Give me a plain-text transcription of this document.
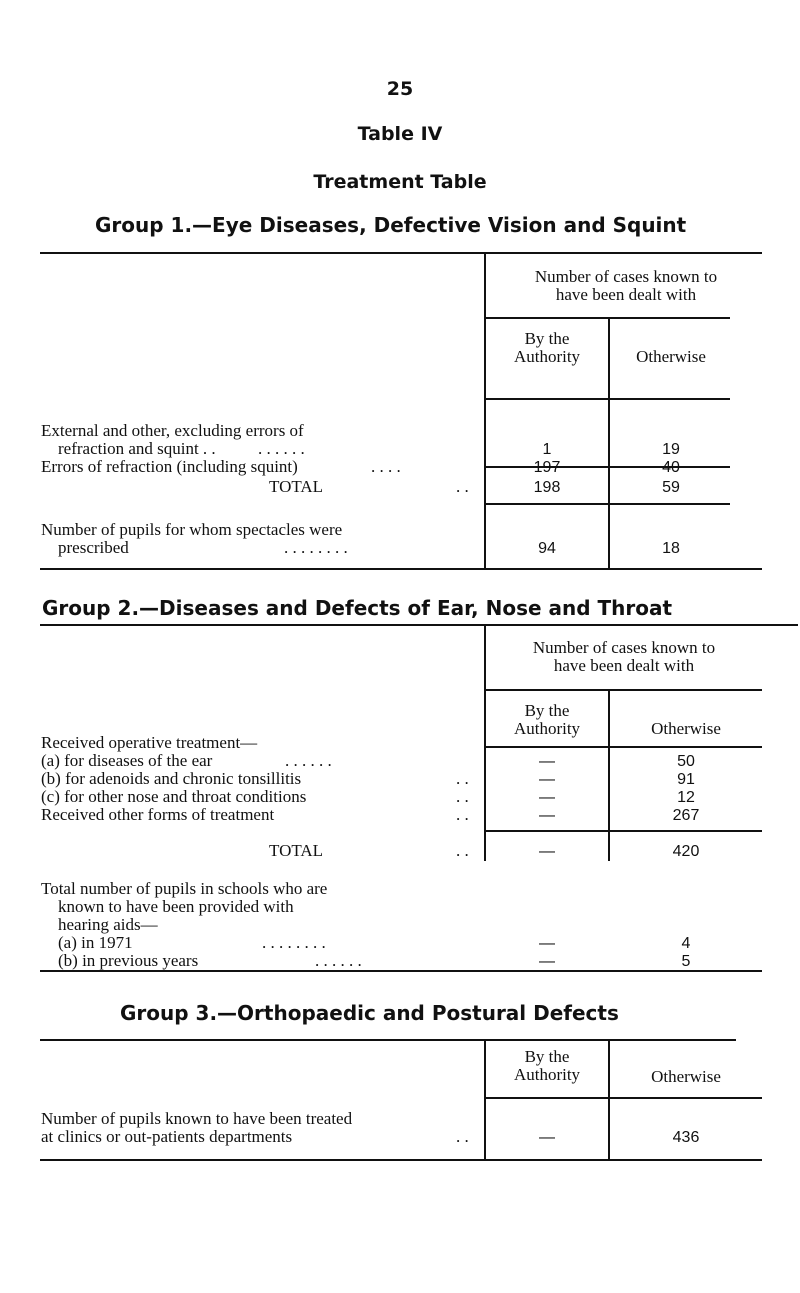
25
Table IV
Treatment Table
Group 1.—Eye Diseases, Defective Vision and Squint
Number of cases known to
have been dealt with
By the
Authority	Otherwise
External and other, excluding errors of
refraction and squint . . . . . . . .	1	19
Errors of refraction (including squint)	. . . .	197	40
TOTAL	. .	198	59
Number of pupils for whom spectacles were
prescribed	. . . . . . . .	94	18
Group 2.—Diseases and Defects of Ear, Nose and Throat
Number of cases known to
have been dealt with
By the
Authority	Otherwise
Received operative treatment—
(a) for diseases of the ear	. . . . . .	—	50
(b) for adenoids and chronic tonsillitis	. .	—	91
(c) for other nose and throat conditions	. .	—	12
Received other forms of treatment	. .	—	267
TOTAL	. .	—	420
Total number of pupils in schools who are
known to have been provided with
hearing aids—
(a) in 1971	. . . . . . . .	—	4
(b) in previous years	. . . . . .	—	5
Group 3.—Orthopaedic and Postural Defects
By the
Authority	Otherwise
Number of pupils known to have been treated
at clinics or out-patients departments	. .	—	436
